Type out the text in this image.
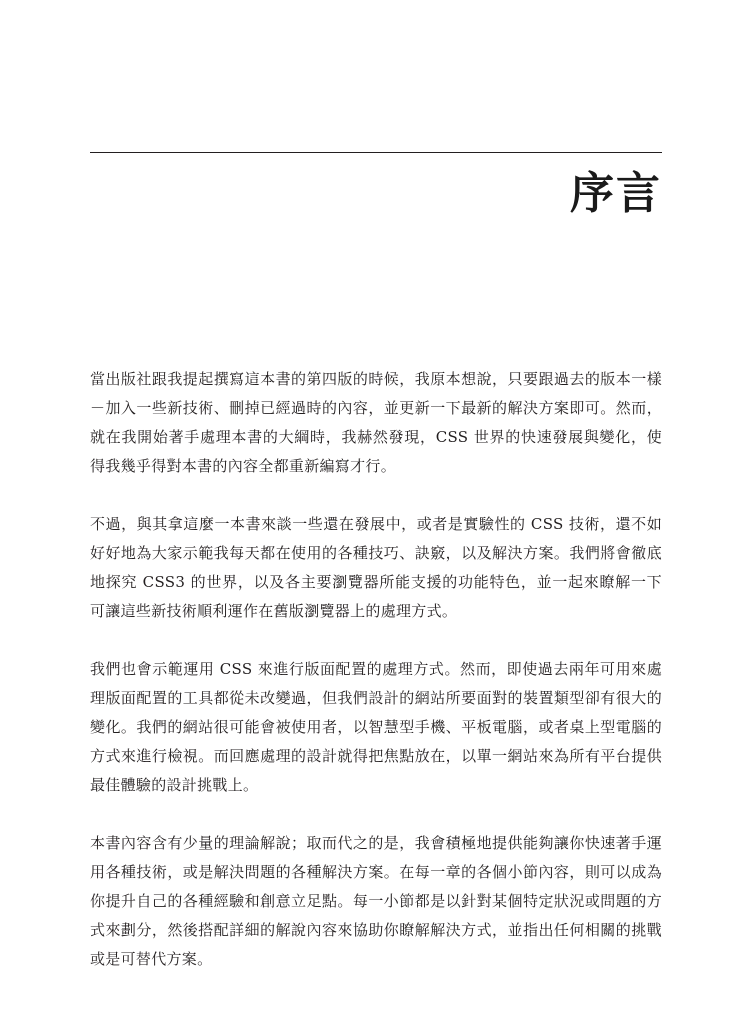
序言

當出版社跟我提起撰寫這本書的第四版的時候，我原本想說，只要跟過去的版本一樣－加入一些新技術、刪掉已經過時的內容，並更新一下最新的解決方案即可。然而，就在我開始著手處理本書的大綱時，我赫然發現，CSS 世界的快速發展與變化，使得我幾乎得對本書的內容全都重新編寫才行。

不過，與其拿這麼一本書來談一些還在發展中，或者是實驗性的 CSS 技術，還不如好好地為大家示範我每天都在使用的各種技巧、訣竅，以及解決方案。我們將會徹底地探究 CSS3 的世界，以及各主要瀏覽器所能支援的功能特色，並一起來瞭解一下可讓這些新技術順利運作在舊版瀏覽器上的處理方式。

我們也會示範運用 CSS 來進行版面配置的處理方式。然而，即使過去兩年可用來處理版面配置的工具都從未改變過，但我們設計的網站所要面對的裝置類型卻有很大的變化。我們的網站很可能會被使用者，以智慧型手機、平板電腦，或者桌上型電腦的方式來進行檢視。而回應處理的設計就得把焦點放在，以單一網站來為所有平台提供最佳體驗的設計挑戰上。

本書內容含有少量的理論解說；取而代之的是，我會積極地提供能夠讓你快速著手運用各種技術，或是解決問題的各種解決方案。在每一章的各個小節內容，則可以成為你提升自己的各種經驗和創意立足點。每一小節都是以針對某個特定狀況或問題的方式來劃分，然後搭配詳細的解說內容來協助你瞭解解決方式，並指出任何相關的挑戰或是可替代方案。
